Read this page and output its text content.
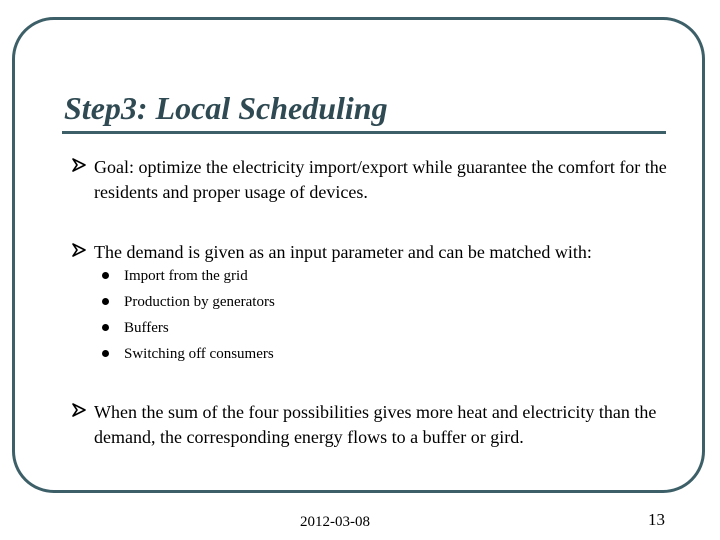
Step3: Local Scheduling
Goal: optimize the electricity import/export while guarantee the comfort for the residents and proper usage of devices.
The demand is given as an input parameter and can be matched with:
Import from the grid
Production by generators
Buffers
Switching off consumers
When the sum of the four possibilities gives more heat and electricity than the demand, the corresponding energy flows to a buffer or gird.
2012-03-08	13
